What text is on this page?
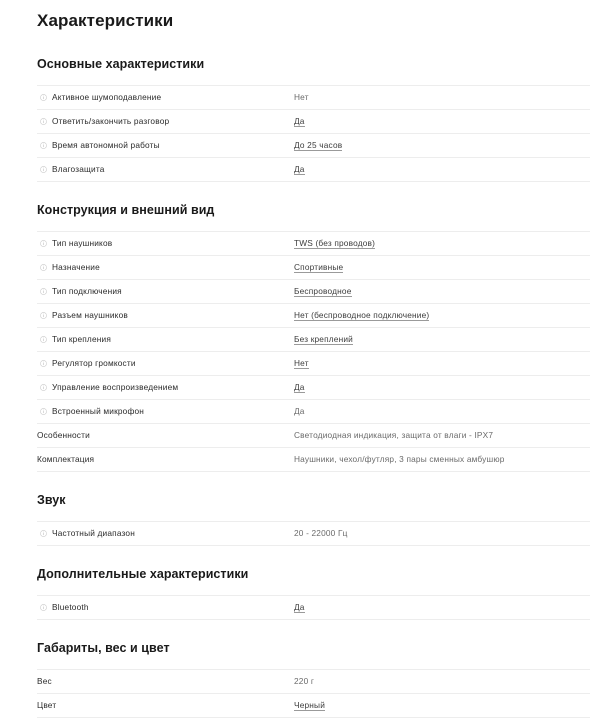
Характеристики
Основные характеристики
Активное шумоподавление	Нет
Ответить/закончить разговор	Да
Время автономной работы	До 25 часов
Влагозащита	Да
Конструкция и внешний вид
Тип наушников	TWS (без проводов)
Назначение	Спортивные
Тип подключения	Беспроводное
Разъем наушников	Нет (беспроводное подключение)
Тип крепления	Без креплений
Регулятор громкости	Нет
Управление воспроизведением	Да
Встроенный микрофон	Да
Особенности	Светодиодная индикация, защита от влаги - IPX7
Комплектация	Наушники, чехол/футляр, 3 пары сменных амбушюр
Звук
Частотный диапазон	20 - 22000 Гц
Дополнительные характеристики
Bluetooth	Да
Габариты, вес и цвет
Вес	220 г
Цвет	Черный
